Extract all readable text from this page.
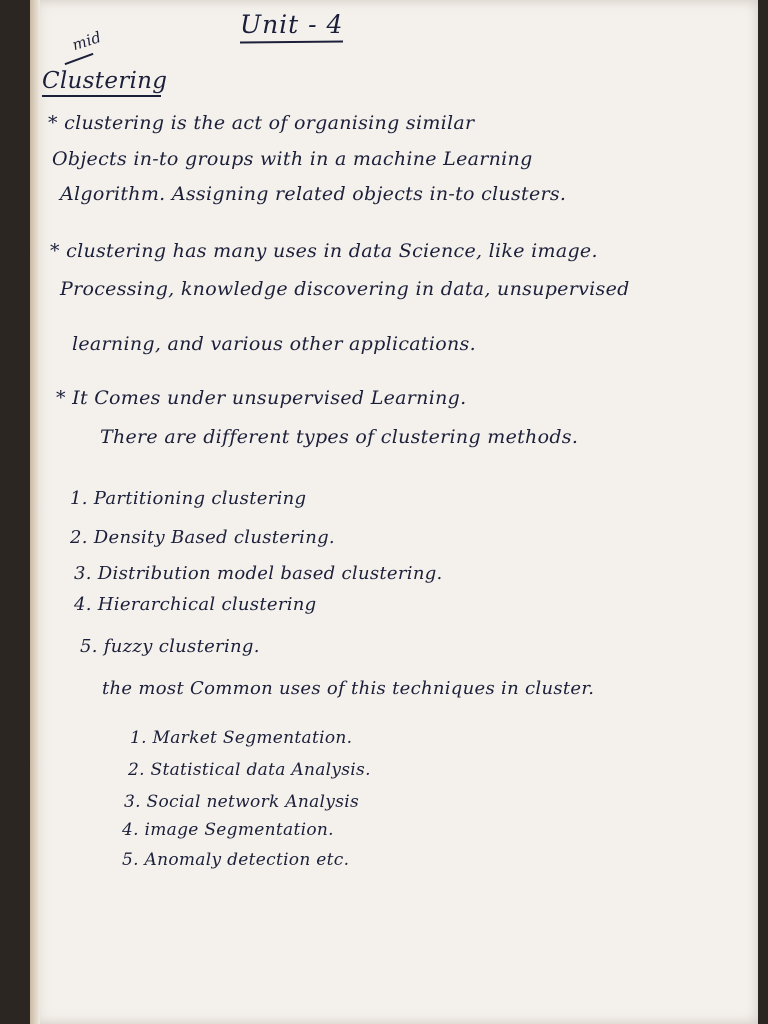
Unit - 4
mid
Clustering
* clustering is the act of organising similar
Objects in-to groups with in a machine Learning
Algorithm. Assigning related objects in-to clusters.
* clustering has many uses in data Science, like image.
Processing, knowledge discovering in data, unsupervised
learning, and various other applications.
* It Comes under unsupervised Learning.
There are different types of clustering methods.
1. Partitioning clustering
2. Density Based clustering.
3. Distribution model based clustering.
4. Hierarchical clustering
5. fuzzy clustering.
the most Common uses of this techniques in cluster.
1. Market Segmentation.
2. Statistical data Analysis.
3. Social network Analysis
4. image Segmentation.
5. Anomaly detection etc.
